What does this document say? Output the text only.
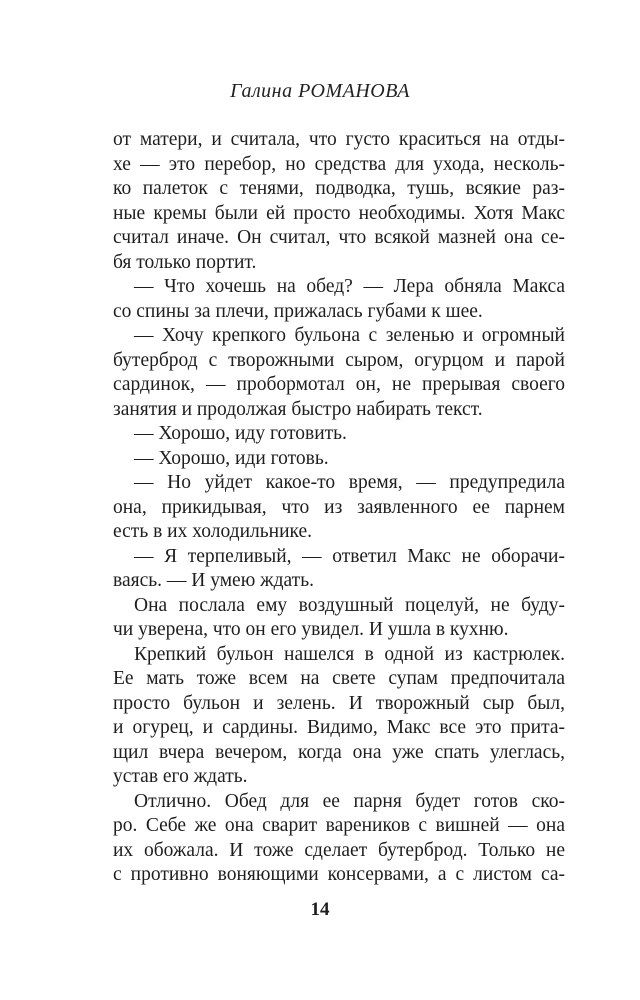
Галина РОМАНОВА
от матери, и считала, что густо краситься на отды-
хе — это перебор, но средства для ухода, несколь-
ко палеток с тенями, подводка, тушь, всякие раз-
ные кремы были ей просто необходимы. Хотя Макс
считал иначе. Он считал, что всякой мазней она се-
бя только портит.
— Что хочешь на обед? — Лера обняла Макса
со спины за плечи, прижалась губами к шее.
— Хочу крепкого бульона с зеленью и огромный
бутерброд с творожными сыром, огурцом и парой
сардинок, — пробормотал он, не прерывая своего
занятия и продолжая быстро набирать текст.
— Хорошо, иду готовить.
— Хорошо, иди готовь.
— Но уйдет какое-то время, — предупредила
она, прикидывая, что из заявленного ее парнем
есть в их холодильнике.
— Я терпеливый, — ответил Макс не оборачи-
ваясь. — И умею ждать.
Она послала ему воздушный поцелуй, не буду-
чи уверена, что он его увидел. И ушла в кухню.
Крепкий бульон нашелся в одной из кастрюлек.
Ее мать тоже всем на свете супам предпочитала
просто бульон и зелень. И творожный сыр был,
и огурец, и сардины. Видимо, Макс все это прита-
щил вчера вечером, когда она уже спать улеглась,
устав его ждать.
Отлично. Обед для ее парня будет готов ско-
ро. Себе же она сварит вареников с вишней — она
их обожала. И тоже сделает бутерброд. Только не
с противно воняющими консервами, а с листом са-
14
